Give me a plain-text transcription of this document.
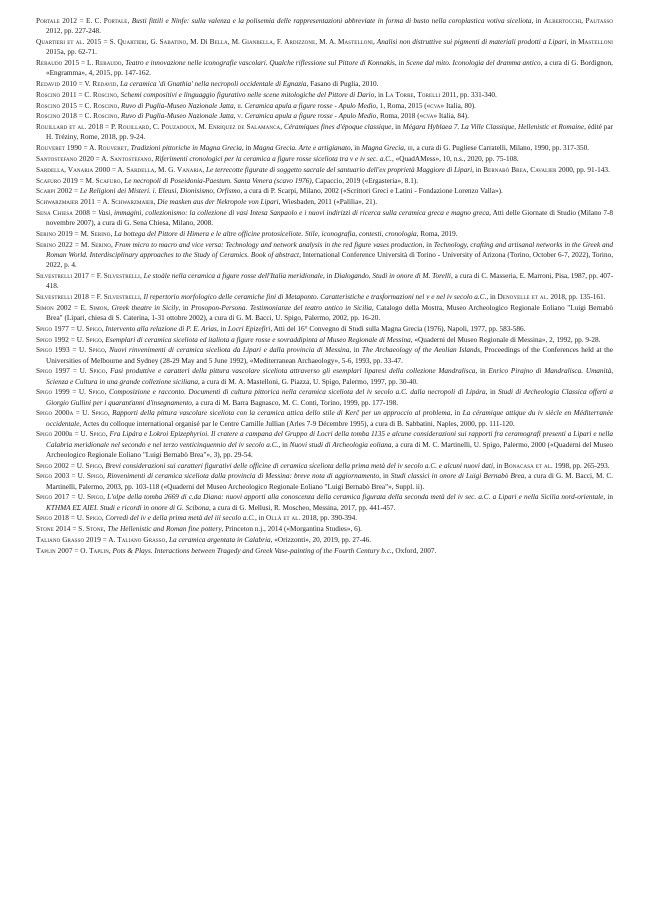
Portale 2012 = E. C. Portale, Busti fittili e Ninfe: sulla valenza e la polisemia delle rappresentazioni abbreviate in forma di busto nella coroplastica votiva siceliota, in Albertocchi, Pautasso 2012, pp. 227-248.
Quartieri et al. 2015 = S. Quartieri, G. Sabatino, M. Di Bella, M. Gianbella, F. Ardizzone, M. A. Mastelloni, Analisi non distruttive sui pigmenti di materiali prodotti a Lipari, in Mastelloni 2015a, pp. 62-71.
Rebaudo 2015 = L. Rebaudo, Teatro e innovazione nelle iconografie vascolari. Qualche riflessione sul Pittore di Konnakis, in Scene dal mito. Iconologia del dramma antico, a cura di G. Bordignon, «Engramma», 4, 2015, pp. 147-162.
Redavid 2010 = V. Redavid, La ceramica 'di Gnathia' nella necropoli occidentale di Egnazia, Fasano di Puglia, 2010.
Roscino 2011 = C. Roscino, Schemi compositivi e linguaggio figurativo nelle scene mitologiche del Pittore di Dario, in La Torre, Torelli 2011, pp. 331-340.
Roscino 2015 = C. Roscino, Ruvo di Puglia-Museo Nazionale Jatta, ii. Ceramica apula a figure rosse - Apulo Medio, 1, Roma, 2015 («cva» Italia, 80).
Roscino 2018 = C. Roscino, Ruvo di Puglia-Museo Nazionale Jatta, v. Ceramica apula a figure rosse - Apulo Medio, Roma, 2018 («cva» Italia, 84).
Rouillard et al. 2018 = P. Rouillard, C. Pouzadoux, M. Enriquez de Salamanca, Céramiques fines d'époque classique, in Mégara Hyblaea 7. La Ville Classique, Hellenistic et Romaine, édité par H. Tréziny, Rome, 2018, pp. 9-24.
Rouveret 1990 = A. Rouveret, Tradizioni pittoriche in Magna Grecia, in Magna Grecia. Arte e artigianato, in Magna Grecia, iii, a cura di G. Pugliese Carratelli, Milano, 1990, pp. 317-350.
Santostefano 2020 = A. Santostefano, Riferimenti cronologici per la ceramica a figure rosse siceliota tra v e iv sec. a.C., «QuadAMess», 10, n.s., 2020, pp. 75-108.
Sardella, Vanaria 2000 = A. Sardella, M. G. Vanaria, Le terrecotte figurate di soggetto sacrale del santuario dell'ex proprietà Maggiore di Lipari, in Bernabò Brea, Cavalier 2000, pp. 91-143.
Scafuro 2019 = M. Scafuro, Le necropoli di Poseidonia-Paestum. Santa Venera (scavo 1976), Capaccio, 2019 («Ergasteria», 8.1).
Scarpi 2002 = Le Religioni dei Misteri. i. Eleusi, Dionisismo, Orfismo, a cura di P. Scarpi, Milano, 2002 («Scrittori Greci e Latini - Fondazione Lorenzo Valla»).
Schwarzmaier 2011 = A. Schwarzmaier, Die masken aus der Nekropole von Lipari, Wiesbaden, 2011 («Palilia», 21).
Sena Chiesa 2008 = Vasi, immagini, collezionismo: la collezione di vasi Intesa Sanpaolo e i nuovi indirizzi di ricerca sulla ceramica greca e magno greca, Atti delle Giornate di Studio (Milano 7-8 novembre 2007), a cura di G. Sena Chiesa, Milano, 2008.
Serino 2019 = M. Serino, La bottega del Pittore di Himera e le altre officine protosiceliote. Stile, iconografia, contesti, cronologia, Roma, 2019.
Serino 2022 = M. Serino, From micro to macro and vice versa: Technology and network analysis in the red figure vases production, in Technology, crafting and artisanal networks in the Greek and Roman World. Interdisciplinary approaches to the Study of Ceramics. Book of abstract, International Conference Università di Torino - University of Arizona (Torino, October 6-7, 2022), Torino, 2022, p. 4.
Silvestrelli 2017 = F. Silvestrelli, Le stoàle nella ceramica a figure rosse dell'Italia meridionale, in Dialogando, Studi in onore di M. Torelli, a cura di C. Masseria, E. Marroni, Pisa, 1987, pp. 407-418.
Silvestrelli 2018 = F. Silvestrelli, Il repertorio morfologico delle ceramiche fini di Metaponto. Caratteristiche e trasformazioni nel v e nel iv secolo a.C., in Denoyelle et al. 2018, pp. 135-161.
Simon 2002 = E. Simon, Greek theatre in Sicily, in Prosopon-Persona. Testimonianze del teatro antico in Sicilia, Catalogo della Mostra, Museo Archeologico Regionale Eoliano "Luigi Bernabò Brea" (Lipari, chiesa di S. Caterina, 1-31 ottobre 2002), a cura di G. M. Bacci, U. Spigo, Palermo, 2002, pp. 16-20.
Spigo 1977 = U. Spigo, Intervento alla relazione di P. E. Arias, in Locri Epizefiri, Atti del 16° Convegno di Studi sulla Magna Grecia (1976), Napoli, 1977, pp. 583-586.
Spigo 1992 = U. Spigo, Esemplari di ceramica siceliota ed italiota a figure rosse e sovraddipinta al Museo Regionale di Messina, «Quaderni del Museo Regionale di Messina», 2, 1992, pp. 9-28.
Spigo 1993 = U. Spigo, Nuovi rinvenimenti di ceramica siceliota da Lipari e dalla provincia di Messina, in The Archaeology of the Aeolian Islands, Proceedings of the Conferences held at the Universities of Melbourne and Sydney (28-29 May and 5 June 1992), «Mediterranean Archaeology», 5-6, 1993, pp. 33-47.
Spigo 1997 = U. Spigo, Fasi produttive e caratteri della pittura vascolare siceliota attraverso gli esemplari liparesi della collezione Mandralisca, in Enrico Pirajno di Mandralisca. Umanità, Scienza e Cultura in una grande collezione siciliana, a cura di M. A. Mastelloni, G. Piazza, U. Spigo, Palermo, 1997, pp. 30-40.
Spigo 1999 = U. Spigo, Composizione e racconto. Documenti di cultura pittorica nella ceramica siceliota del iv secolo a.C. dalla necropoli di Lipára, in Studi di Archeologia Classica offerti a Giorgio Gullini per i quaranťanni d'insegnamento, a cura di M. Barra Bagnasco, M. C. Conti, Torino, 1999, pp. 177-198.
Spigo 2000a = U. Spigo, Rapporti della pittura vascolare siceliota con la ceramica attica dello stile di Kerč per un approccio al problema, in La céramique attique du iv siècle en Méditerranée occidentale, Actes du colloque international organisé par le Centre Camille Jullian (Arles 7-9 Décembre 1995), a cura di B. Sabbatini, Naples, 2000, pp. 111-120.
Spigo 2000b = U. Spigo, Fra Lipára e Lokroi Epizephyrioi. Il cratere a campana del Gruppo di Locri della tomba 1135 e alcune considerazioni sui rapporti fra ceramografi presenti a Lipari e nella Calabria meridionale nel secondo e nel terzo venticinquennio del iv secolo a.C., in Nuovi studi di Archeologia eoliana, a cura di M. C. Martinelli, U. Spigo, Palermo, 2000 («Quaderni del Museo Archeologico Regionale Eoliano "Luigi Bernabò Brea"», 3), pp. 29-54.
Spigo 2002 = U. Spigo, Brevi considerazioni sui caratteri figurativi delle officine di ceramica siceliota della prima metà del iv secolo a.C. e alcuni nuovi dati, in Bonacasa et al. 1998, pp. 265-293.
Spigo 2003 = U. Spigo, Rinvenimenti di ceramica siceliota dalla provincia di Messina: breve nota di aggiornamento, in Studi classici in onore di Luigi Bernabò Brea, a cura di G. M. Bacci, M. C. Martinelli, Palermo, 2003, pp. 103-118 («Quaderni del Museo Archeologico Regionale Eoliano "Luigi Bernabò Brea"», Suppl. ii).
Spigo 2017 = U. Spigo, L'olpe della tomba 2669 di c.da Diana: nuovi apporti alla conoscenza della ceramica figurata della seconda metà del iv sec. a.C. a Lipari e nella Sicilia nord-orientale, in ΚΤΗΜΑ ΕΣ ΑΙΕΙ. Studi e ricordi in onore di G. Scibona, a cura di G. Mellusi, R. Moscheo, Messina, 2017, pp. 441-457.
Spigo 2018 = U. Spigo, Corredi del iv e della prima metà del iii secolo a.C., in Ollà et al. 2018, pp. 390-394.
Stone 2014 = S. Stone, The Hellenistic and Roman fine pottery, Princeton n.j., 2014 («Morgantina Studies», 6).
Taliano Grasso 2019 = A. Taliano Grasso, La ceramica argentata in Calabria, «Orizzonti», 20, 2019, pp. 27-46.
Taplin 2007 = O. Taplin, Pots & Plays. Interactions between Tragedy and Greek Vase-painting of the Fourth Century b.c., Oxford, 2007.
